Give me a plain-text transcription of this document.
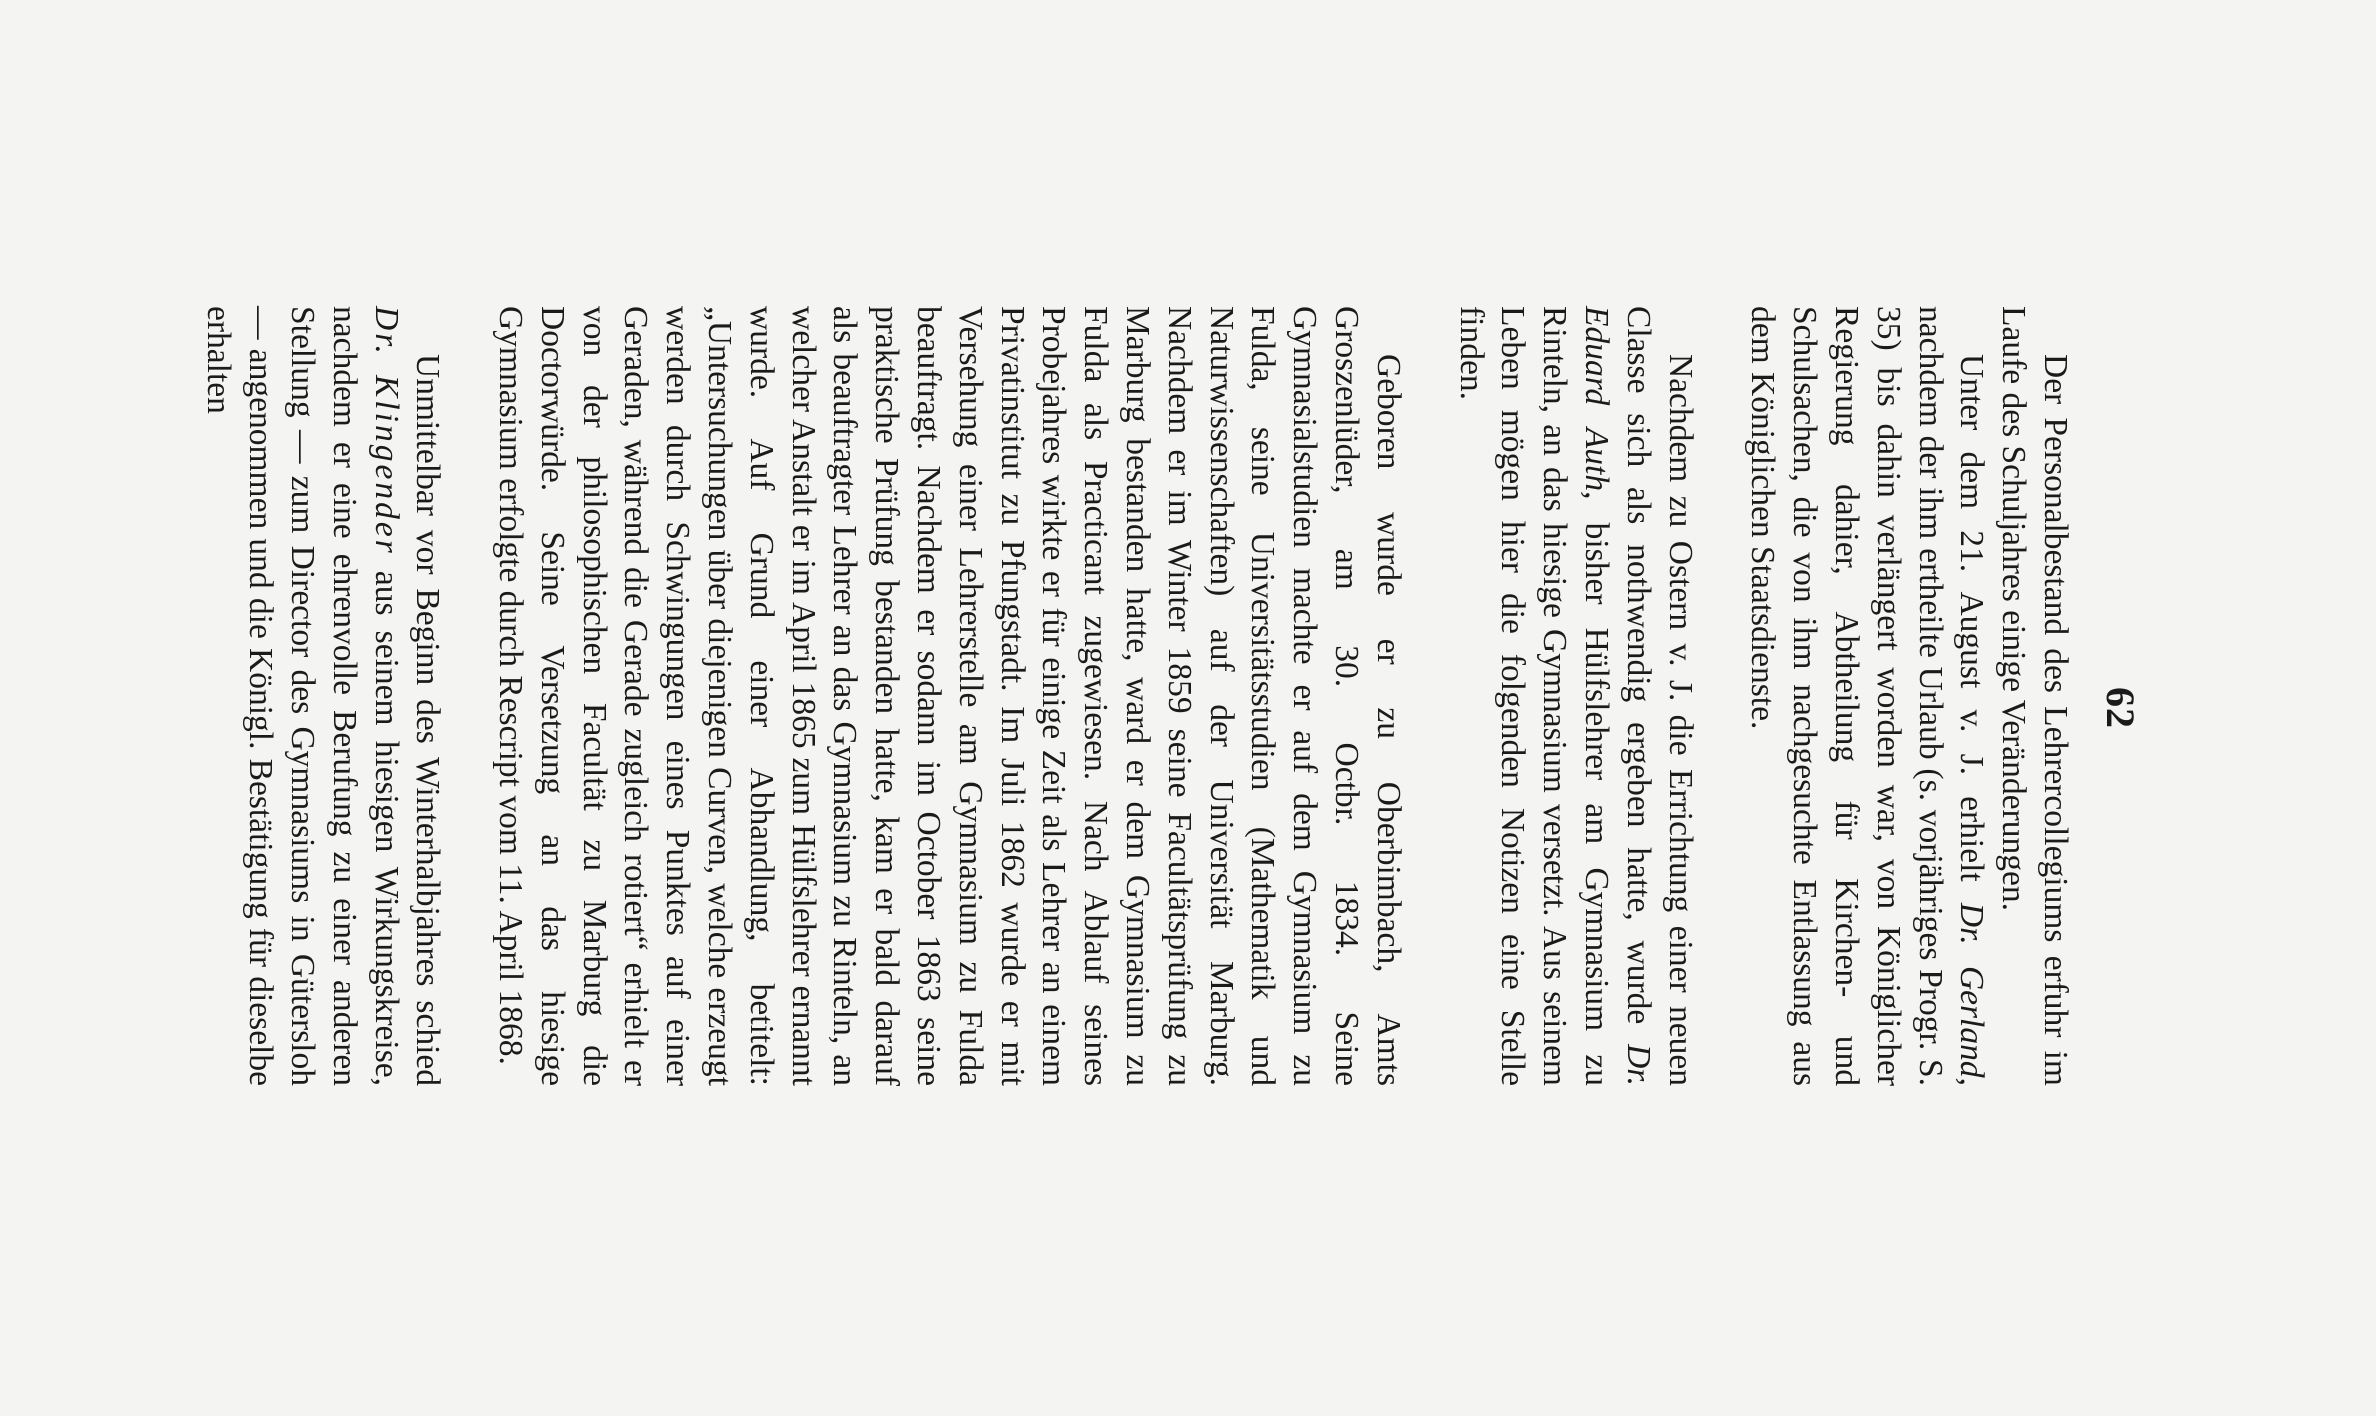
62

Der Personalbestand des Lehrercollegiums erfuhr im Laufe des Schuljahres einige Veränderungen.

Unter dem 21. August v. J. erhielt Dr. Gerland, nachdem der ihm ertheilte Urlaub (s. vorjähriges Progr. S. 35) bis dahin verlängert worden war, von Königlicher Regierung dahier, Abtheilung für Kirchen- und Schulsachen, die von ihm nachgesuchte Entlassung aus dem Königlichen Staatsdienste.

Nachdem zu Ostern v. J. die Errichtung einer neuen Classe sich als nothwendig ergeben hatte, wurde Dr. Eduard Auth, bisher Hülfslehrer am Gymnasium zu Rinteln, an das hiesige Gymnasium versetzt. Aus seinem Leben mögen hier die folgenden Notizen eine Stelle finden.

Geboren wurde er zu Oberbimbach, Amts Groszenlüder, am 30. Octbr. 1834. Seine Gymnasialstudien machte er auf dem Gymnasium zu Fulda, seine Universitätsstudien (Mathematik und Naturwissenschaften) auf der Universität Marburg. Nachdem er im Winter 1859 seine Facultätsprüfung zu Marburg bestanden hatte, ward er dem Gymnasium zu Fulda als Practicant zugewiesen. Nach Ablauf seines Probejahres wirkte er für einige Zeit als Lehrer an einem Privatinstitut zu Pfungstadt. Im Juli 1862 wurde er mit Versehung einer Lehrerstelle am Gymnasium zu Fulda beauftragt. Nachdem er sodann im October 1863 seine praktische Prüfung bestanden hatte, kam er bald darauf als beauftragter Lehrer an das Gymnasium zu Rinteln, an welcher Anstalt er im April 1865 zum Hülfslehrer ernannt wurde. Auf Grund einer Abhandlung, betitelt: „Untersuchungen über diejenigen Curven, welche erzeugt werden durch Schwingungen eines Punktes auf einer Geraden, während die Gerade zugleich rotiert“ erhielt er von der philosophischen Facultät zu Marburg die Doctorwürde. Seine Versetzung an das hiesige Gymnasium erfolgte durch Rescript vom 11. April 1868.

Unmittelbar vor Beginn des Winterhalbjahres schied Dr. Klingender aus seinem hiesigen Wirkungskreise, nachdem er eine ehrenvolle Berufung zu einer anderen Stellung — zum Director des Gymnasiums in Gütersloh — angenommen und die Königl. Bestätigung für dieselbe erhalten
